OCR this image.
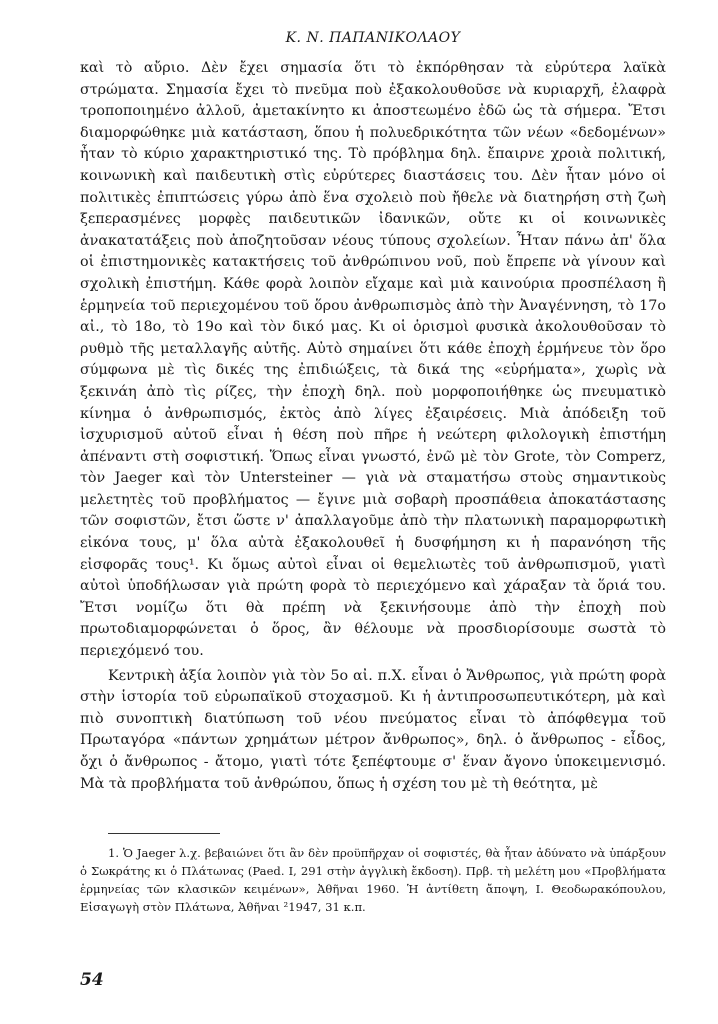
Κ. Ν. ΠΑΠΑΝΙΚΟΛΑΟΥ

καὶ τὸ αὔριο. Δὲν ἔχει σημασία ὅτι τὸ ἐκπόρθησαν τὰ εὐρύτερα λαϊκὰ στρώματα. Σημασία ἔχει τὸ πνεῦμα ποὺ ἐξακολουθοῦσε νὰ κυριαρχῆ, ἐλαφρὰ τροποποιημένο ἀλλοῦ, ἀμετακίνητο κι ἀποστεωμένο ἐδῶ ὡς τὰ σήμερα. Ἔτσι διαμορφώθηκε μιὰ κατάσταση, ὅπου ἡ πολυεδρικότητα τῶν νέων «δεδομένων» ἦταν τὸ κύριο χαρακτηριστικό της. Τὸ πρόβλημα δηλ. ἔπαιρνε χροιὰ πολιτική, κοινωνικὴ καὶ παιδευτικὴ στὶς εὐρύτερες διαστάσεις του. Δὲν ἦταν μόνο οἱ πολιτικὲς ἐπιπτώσεις γύρω ἀπὸ ἕνα σχολειὸ ποὺ ἤθελε νὰ διατηρήση στὴ ζωὴ ξεπερασμένες μορφὲς παιδευτικῶν ἰδανικῶν, οὔτε κι οἱ κοινωνικὲς ἀνακατατάξεις ποὺ ἀποζητοῦσαν νέους τύπους σχολείων. Ἦταν πάνω ἀπ' ὅλα οἱ ἐπιστημονικὲς κατακτήσεις τοῦ ἀνθρώπινου νοῦ, ποὺ ἔπρεπε νὰ γίνουν καὶ σχολικὴ ἐπιστήμη. Κάθε φορὰ λοιπὸν εἴχαμε καὶ μιὰ καινούρια προσπέλαση ἢ ἑρμηνεία τοῦ περιεχομένου τοῦ ὅρου ἀνθρωπισμὸς ἀπὸ τὴν Ἀναγέννηση, τὸ 17ο αἰ., τὸ 18ο, τὸ 19ο καὶ τὸν δικό μας. Κι οἱ ὁρισμοὶ φυσικὰ ἀκολουθοῦσαν τὸ ρυθμὸ τῆς μεταλλαγῆς αὐτῆς. Αὐτὸ σημαίνει ὅτι κάθε ἐποχὴ ἑρμήνευε τὸν ὅρο σύμφωνα μὲ τὶς δικές της ἐπιδιώξεις, τὰ δικά της «εὑρήματα», χωρὶς νὰ ξεκινάη ἀπὸ τὶς ρίζες, τὴν ἐποχὴ δηλ. ποὺ μορφοποιήθηκε ὡς πνευματικὸ κίνημα ὁ ἀνθρωπισμός, ἐκτὸς ἀπὸ λίγες ἐξαιρέσεις. Μιὰ ἀπόδειξη τοῦ ἰσχυρισμοῦ αὐτοῦ εἶναι ἡ θέση ποὺ πῆρε ἡ νεώτερη φιλολογικὴ ἐπιστήμη ἀπέναντι στὴ σοφιστική. Ὅπως εἶναι γνωστό, ἐνῶ μὲ τὸν Grote, τὸν Comperz, τὸν Jaeger καὶ τὸν Untersteiner — γιὰ νὰ σταματήσω στοὺς σημαντικοὺς μελετητὲς τοῦ προβλήματος — ἔγινε μιὰ σοβαρὴ προσπάθεια ἀποκατάστασης τῶν σοφιστῶν, ἔτσι ὥστε ν' ἀπαλλαγοῦμε ἀπὸ τὴν πλατωνικὴ παραμορφωτικὴ εἰκόνα τους, μ' ὅλα αὐτὰ ἐξακολουθεῖ ἡ δυσφήμηση κι ἡ παρανόηση τῆς εἰσφορᾶς τους¹. Κι ὅμως αὐτοὶ εἶναι οἱ θεμελιωτὲς τοῦ ἀνθρωπισμοῦ, γιατὶ αὐτοὶ ὑποδήλωσαν γιὰ πρώτη φορὰ τὸ περιεχόμενο καὶ χάραξαν τὰ ὅριά του. Ἔτσι νομίζω ὅτι θὰ πρέπη νὰ ξεκινήσουμε ἀπὸ τὴν ἐποχὴ ποὺ πρωτοδιαμορφώνεται ὁ ὅρος, ἂν θέλουμε νὰ προσδιορίσουμε σωστὰ τὸ περιεχόμενό του.

Κεντρικὴ ἀξία λοιπὸν γιὰ τὸν 5ο αἰ. π.Χ. εἶναι ὁ Ἄνθρωπος, γιὰ πρώτη φορὰ στὴν ἱστορία τοῦ εὐρωπαϊκοῦ στοχασμοῦ. Κι ἡ ἀντιπροσωπευτικότερη, μὰ καὶ πιὸ συνοπτικὴ διατύπωση τοῦ νέου πνεύματος εἶναι τὸ ἀπόφθεγμα τοῦ Πρωταγόρα «πάντων χρημάτων μέτρον ἄνθρωπος», δηλ. ὁ ἄνθρωπος - εἶδος, ὄχι ὁ ἄνθρωπος - ἄτομο, γιατὶ τότε ξεπέφτουμε σ' ἕναν ἄγονο ὑποκειμενισμό. Μὰ τὰ προβλήματα τοῦ ἀνθρώπου, ὅπως ἡ σχέση του μὲ τὴ θεότητα, μὲ

1. Ὁ Jaeger λ.χ. βεβαιώνει ὅτι ἂν δὲν προϋπῆρχαν οἱ σοφιστές, θὰ ἦταν ἀδύνατο νὰ ὑπάρξουν ὁ Σωκράτης κι ὁ Πλάτωνας (Paed. I, 291 στὴν ἀγγλικὴ ἔκδοση). Πρβ. τὴ μελέτη μου «Προβλήματα ἑρμηνείας τῶν κλασικῶν κειμένων», Ἀθῆναι 1960. Ἡ ἀντίθετη ἄποψη, Ι. Θεοδωρακόπουλου, Εἰσαγωγὴ στὸν Πλάτωνα, Ἀθῆναι ²1947, 31 κ.π.

54
